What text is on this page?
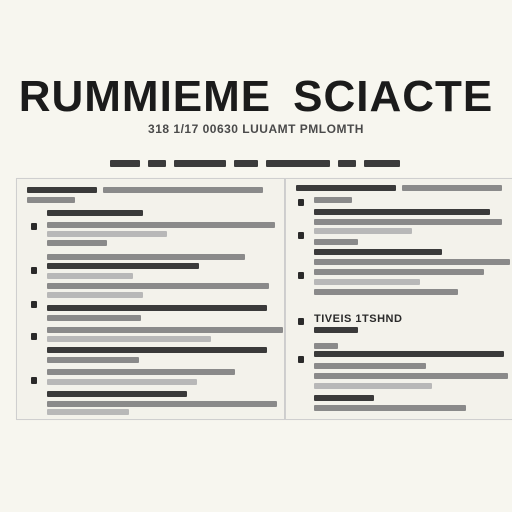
RUMMIEME SCIACTE
318 1/17 00630 LUUAMT PMLOMTH
TIVEIS 1TSHND
